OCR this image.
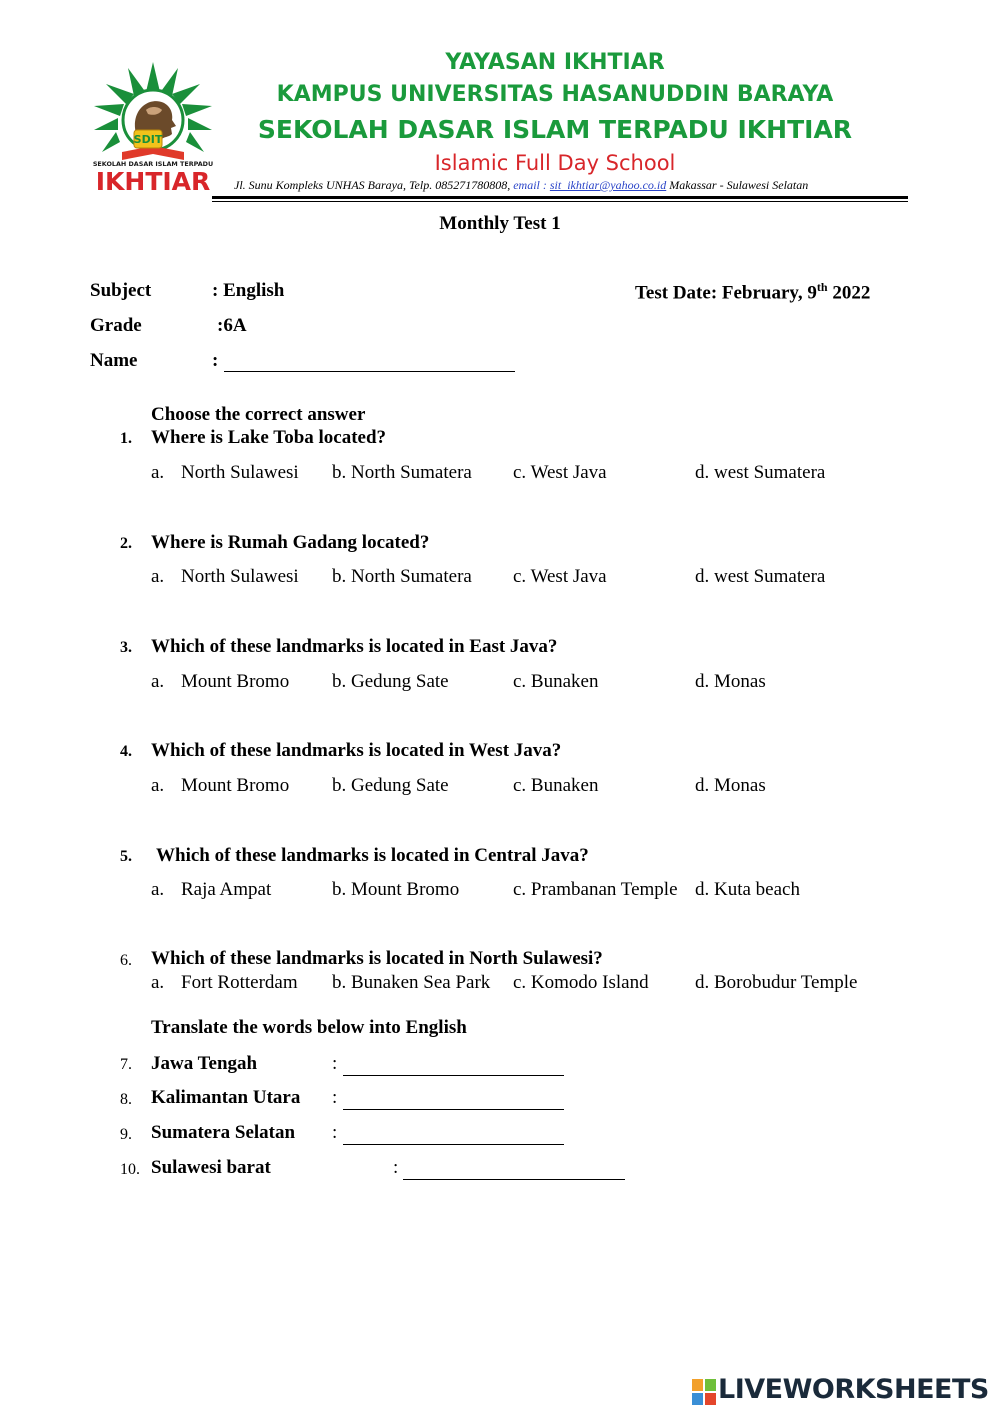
SDIT
SEKOLAH DASAR ISLAM TERPADU
IKHTIAR
YAYASAN IKHTIAR
KAMPUS UNIVERSITAS HASANUDDIN BARAYA
SEKOLAH DASAR ISLAM TERPADU IKHTIAR
Islamic Full Day School
Jl. Sunu Kompleks UNHAS Baraya, Telp. 085271780808, email : sit_ikhtiar@yahoo.co.id Makassar - Sulawesi Selatan
Monthly Test 1
Subject	: English	Test Date: February, 9th 2022
Grade	:6A
Name	:
Choose the correct answer
1. Where is Lake Toba located?
a. North Sulawesi b. North Sumatera c. West Java	d. west Sumatera
2. Where is Rumah Gadang located?
a. North Sulawesi b. North Sumatera c. West Java	d. west Sumatera
3. Which of these landmarks is located in East Java?
a. Mount Bromo b. Gedung Sate	c. Bunaken	d. Monas
4. Which of these landmarks is located in West Java?
a. Mount Bromo b. Gedung Sate	c. Bunaken	d. Monas
5. Which of these landmarks is located in Central Java?
a. Raja Ampat	b. Mount Bromo	c. Prambanan Temple d. Kuta beach
6. Which of these landmarks is located in North Sulawesi?
a. Fort Rotterdam b. Bunaken Sea Park c. Komodo Island d. Borobudur Temple
Translate the words below into English
7. Jawa Tengah	:
8. Kalimantan Utara :
9. Sumatera Selatan :
10. Sulawesi barat	:
LIVEWORKSHEETS
